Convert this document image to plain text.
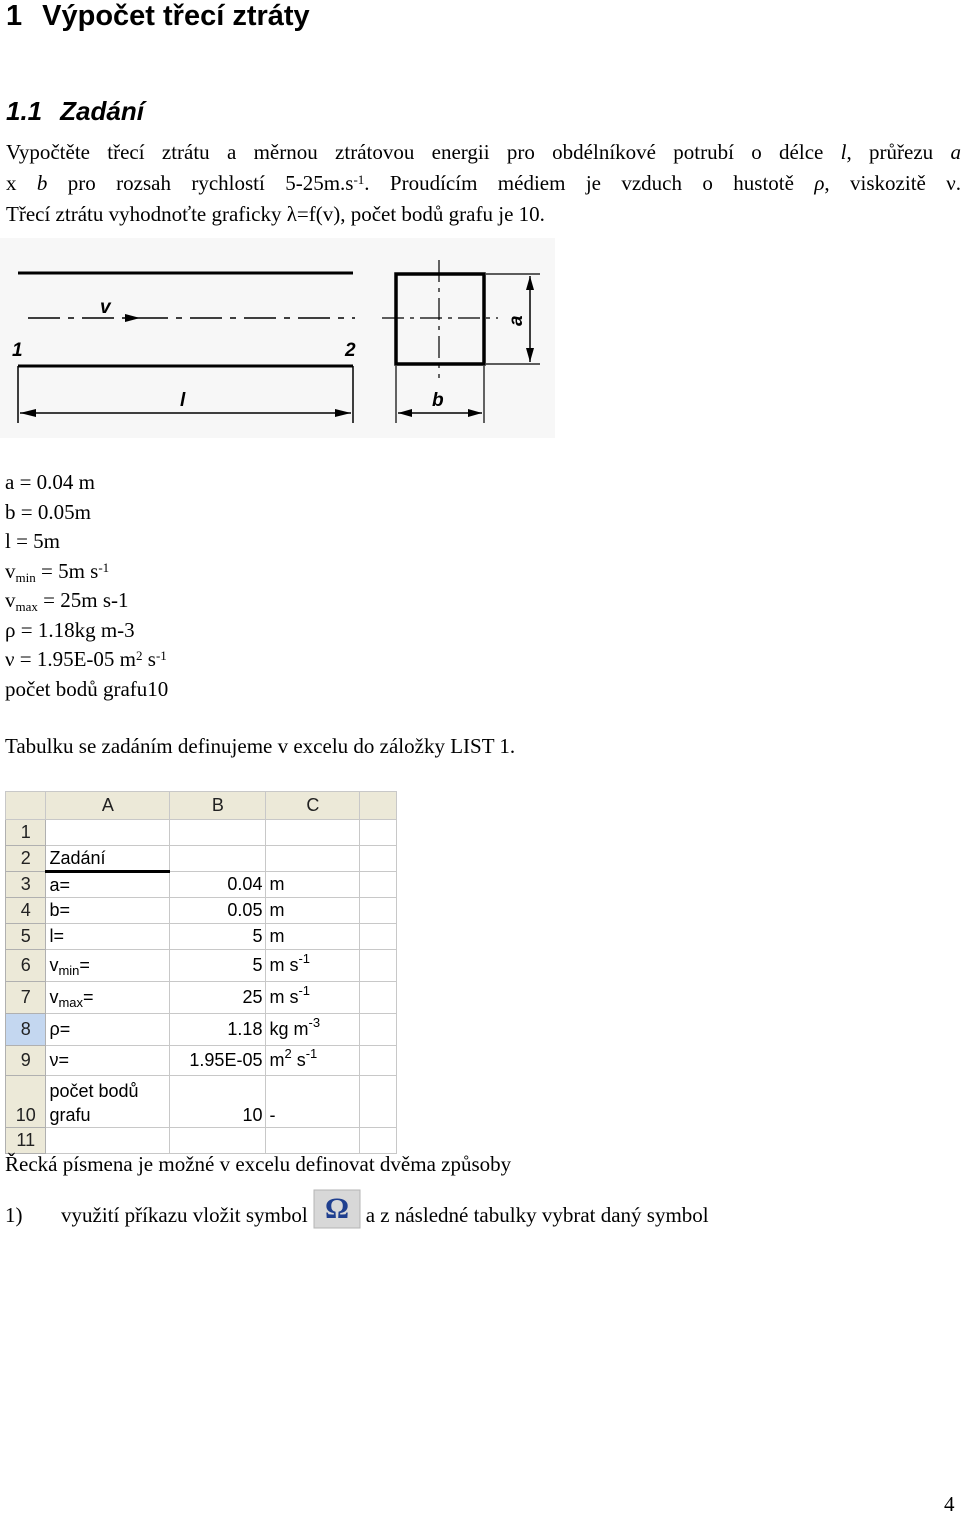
1 Výpočet třecí ztráty
1.1 Zadání
Vypočtěte třecí ztrátu a měrnou ztrátovou energii pro obdélníkové potrubí o délce l, průřezu a
x b pro rozsah rychlostí $5-25m.s^{-1}$. Proudícím médiem je vzduch o hustotě ρ, viskozitě ν.
Třecí ztrátu vyhodnoťte graficky λ=f(v), počet bodů grafu je 10.
v
1	2
l
a
b
a = 0.04 m
b = 0.05m
l = 5m
$v_{min} = 5m$ $s^{-1}$
$v_{max} = 25m$ s-1
ρ = 1.18kg m-3
ν = 1.95E-05 $m^2$ $s^{-1}$
počet bodů grafu10
Tabulku se zadáním definujeme v excelu do záložky LIST 1.
	A	B	C	
1				
2	Zadání			
3	a=	0.04	m	
4	b=	0.05	m	
5	l=	5	m	
6	$v_{min}=$	5	m $s^{-1}$	
7	$v_{max}=$	25	m $s^{-1}$	
8	ρ=	1.18	kg $m^{-3}$	
9	ν=	1.95E-05	$m^2$ $s^{-1}$	
10	počet bodů
grafu	10	-	
11				
Řecká písmena je možné v excelu definovat dvěma způsoby
1) využití příkazu vložit symbol Ω a z následné tabulky vybrat daný symbol
4
